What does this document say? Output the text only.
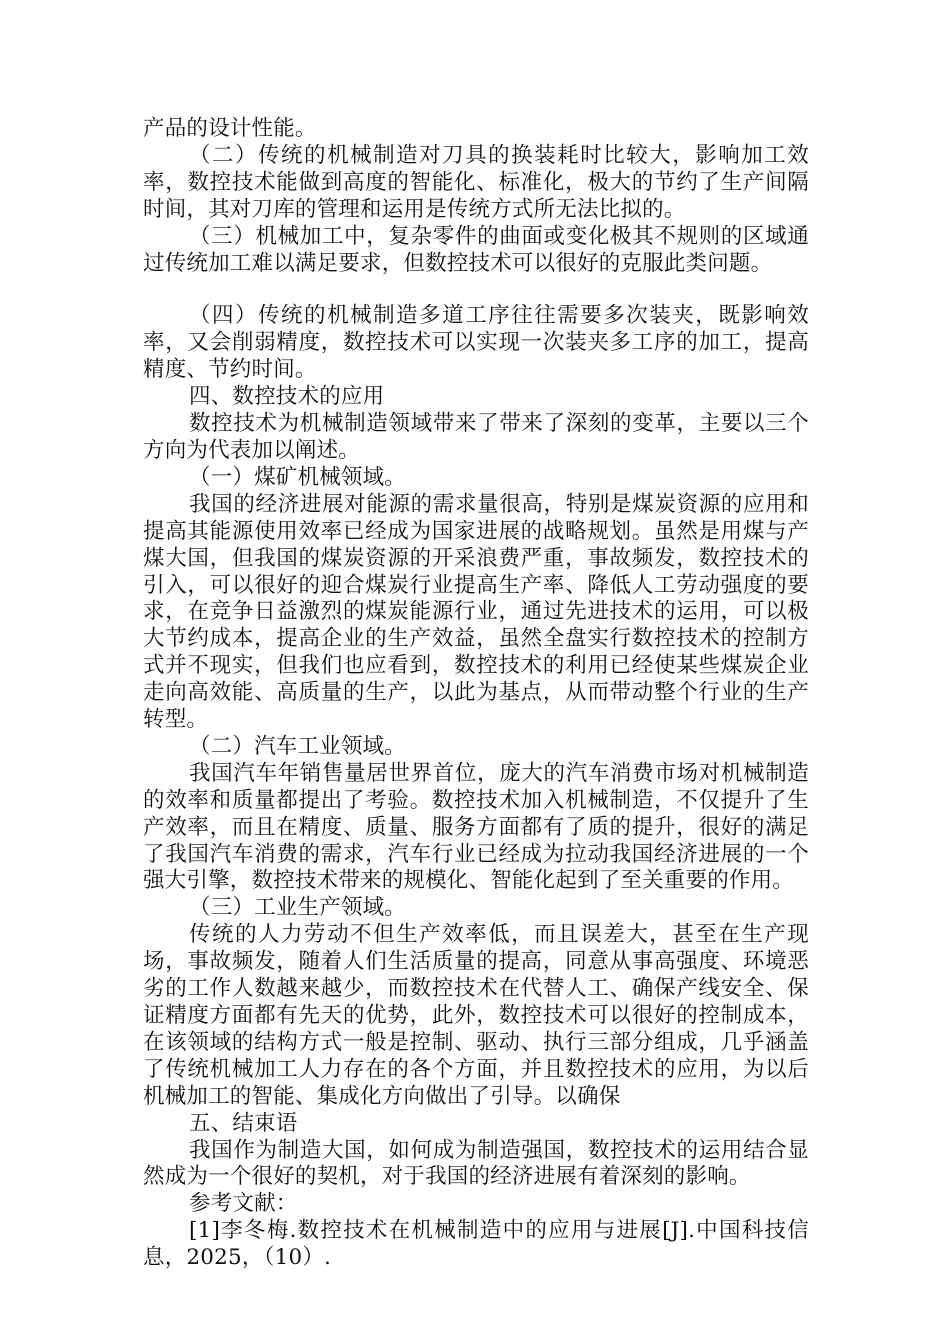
产品的设计性能。

（二）传统的机械制造对刀具的换装耗时比较大，影响加工效率，数控技术能做到高度的智能化、标准化，极大的节约了生产间隔时间，其对刀库的管理和运用是传统方式所无法比拟的。

（三）机械加工中，复杂零件的曲面或变化极其不规则的区域通过传统加工难以满足要求，但数控技术可以很好的克服此类问题。

（四）传统的机械制造多道工序往往需要多次装夹，既影响效率，又会削弱精度，数控技术可以实现一次装夹多工序的加工，提高精度、节约时间。

四、数控技术的应用

数控技术为机械制造领域带来了带来了深刻的变革，主要以三个方向为代表加以阐述。

（一）煤矿机械领域。

我国的经济进展对能源的需求量很高，特别是煤炭资源的应用和提高其能源使用效率已经成为国家进展的战略规划。虽然是用煤与产煤大国，但我国的煤炭资源的开采浪费严重，事故频发，数控技术的引入，可以很好的迎合煤炭行业提高生产率、降低人工劳动强度的要求，在竞争日益激烈的煤炭能源行业，通过先进技术的运用，可以极大节约成本，提高企业的生产效益，虽然全盘实行数控技术的控制方式并不现实，但我们也应看到，数控技术的利用已经使某些煤炭企业走向高效能、高质量的生产，以此为基点，从而带动整个行业的生产转型。

（二）汽车工业领域。

我国汽车年销售量居世界首位，庞大的汽车消费市场对机械制造的效率和质量都提出了考验。数控技术加入机械制造，不仅提升了生产效率，而且在精度、质量、服务方面都有了质的提升，很好的满足了我国汽车消费的需求，汽车行业已经成为拉动我国经济进展的一个强大引擎，数控技术带来的规模化、智能化起到了至关重要的作用。

（三）工业生产领域。

传统的人力劳动不但生产效率低，而且误差大，甚至在生产现场，事故频发，随着人们生活质量的提高，同意从事高强度、环境恶劣的工作人数越来越少，而数控技术在代替人工、确保产线安全、保证精度方面都有先天的优势，此外，数控技术可以很好的控制成本，在该领域的结构方式一般是控制、驱动、执行三部分组成，几乎涵盖了传统机械加工人力存在的各个方面，并且数控技术的应用，为以后机械加工的智能、集成化方向做出了引导。以确保

五、结束语

我国作为制造大国，如何成为制造强国，数控技术的运用结合显然成为一个很好的契机，对于我国的经济进展有着深刻的影响。

参考文献：

[1]李冬梅.数控技术在机械制造中的应用与进展[J].中国科技信息，2025，（10）.
